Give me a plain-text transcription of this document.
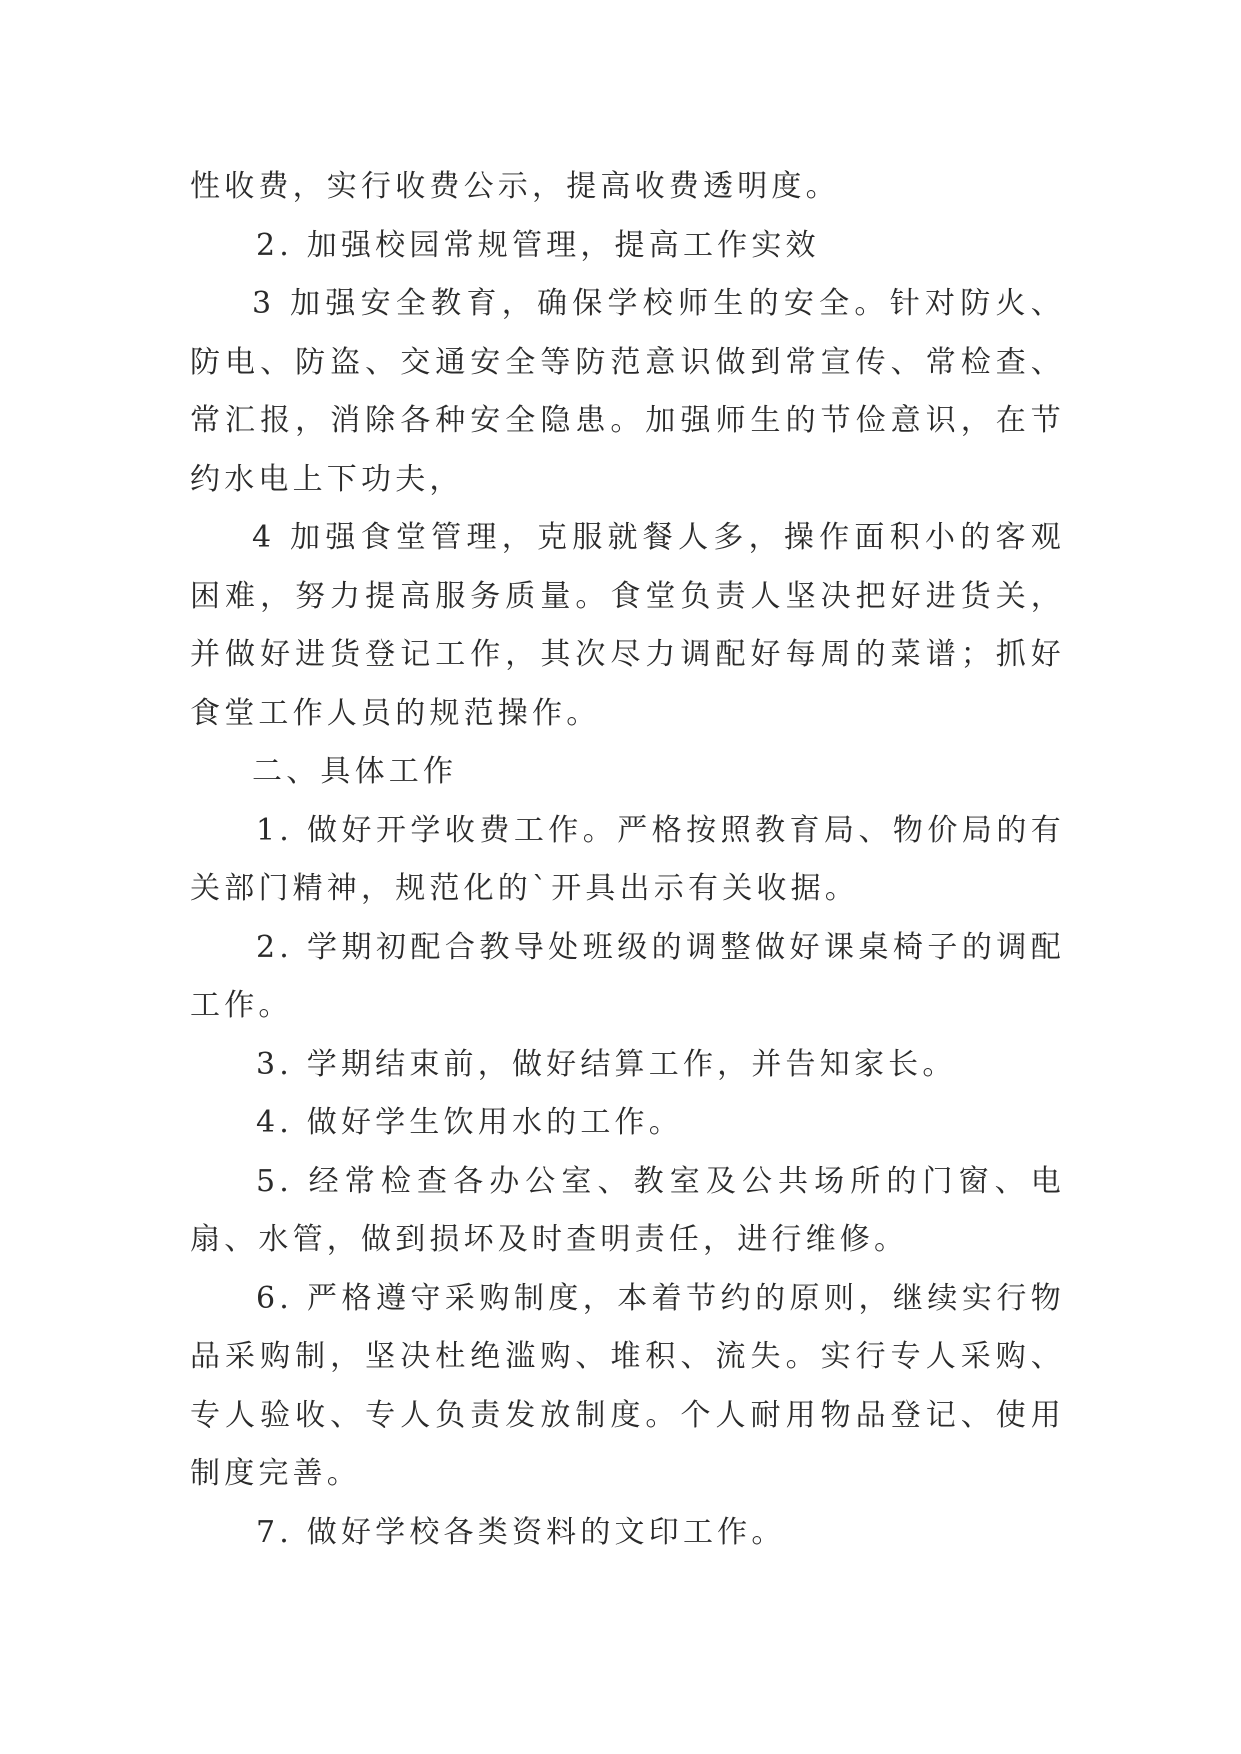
性收费，实行收费公示，提高收费透明度。

2. 加强校园常规管理，提高工作实效

3 加强安全教育，确保学校师生的安全。针对防火、防电、防盗、交通安全等防范意识做到常宣传、常检查、常汇报，消除各种安全隐患。加强师生的节俭意识，在节约水电上下功夫，

4 加强食堂管理，克服就餐人多，操作面积小的客观困难，努力提高服务质量。食堂负责人坚决把好进货关，并做好进货登记工作，其次尽力调配好每周的菜谱；抓好食堂工作人员的规范操作。

二、具体工作

1. 做好开学收费工作。严格按照教育局、物价局的有关部门精神，规范化的`开具出示有关收据。

2. 学期初配合教导处班级的调整做好课桌椅子的调配工作。

3. 学期结束前，做好结算工作，并告知家长。

4. 做好学生饮用水的工作。

5. 经常检查各办公室、教室及公共场所的门窗、电扇、水管，做到损坏及时查明责任，进行维修。

6. 严格遵守采购制度，本着节约的原则，继续实行物品采购制，坚决杜绝滥购、堆积、流失。实行专人采购、专人验收、专人负责发放制度。个人耐用物品登记、使用制度完善。

7. 做好学校各类资料的文印工作。
